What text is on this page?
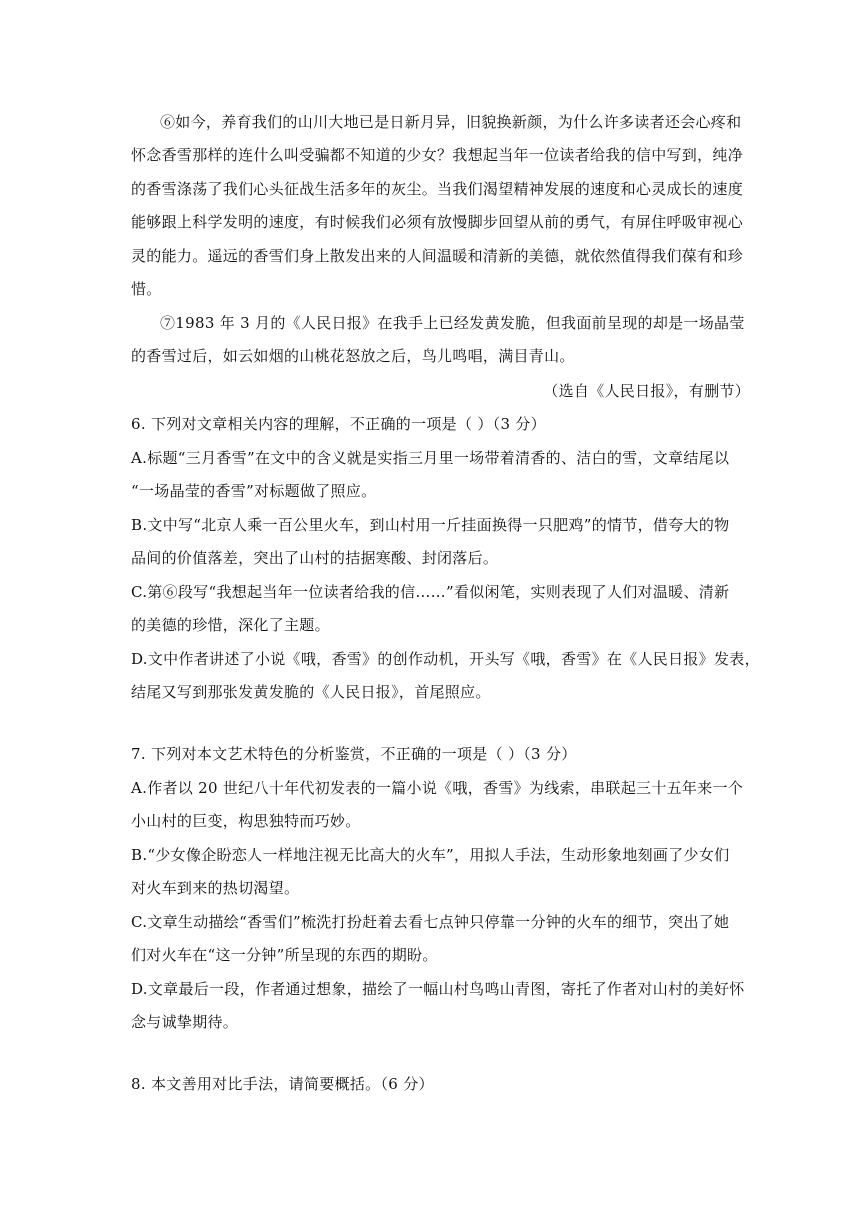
⑥如今，养育我们的山川大地已是日新月异，旧貌换新颜，为什么许多读者还会心疼和
怀念香雪那样的连什么叫受骗都不知道的少女？我想起当年一位读者给我的信中写到，纯净
的香雪涤荡了我们心头征战生活多年的灰尘。当我们渴望精神发展的速度和心灵成长的速度
能够跟上科学发明的速度，有时候我们必须有放慢脚步回望从前的勇气，有屏住呼吸审视心
灵的能力。遥远的香雪们身上散发出来的人间温暖和清新的美德，就依然值得我们葆有和珍
惜。
⑦1983 年 3 月的《人民日报》在我手上已经发黄发脆，但我面前呈现的却是一场晶莹
的香雪过后，如云如烟的山桃花怒放之后，鸟儿鸣唱，满目青山。
（选自《人民日报》，有删节）
6. 下列对文章相关内容的理解，不正确的一项是（ ）（3 分）
A.标题“三月香雪”在文中的含义就是实指三月里一场带着清香的、洁白的雪，文章结尾以
“一场晶莹的香雪”对标题做了照应。
B.文中写“北京人乘一百公里火车，到山村用一斤挂面换得一只肥鸡”的情节，借夸大的物
品间的价值落差，突出了山村的拮据寒酸、封闭落后。
C.第⑥段写“我想起当年一位读者给我的信……”看似闲笔，实则表现了人们对温暖、清新
的美德的珍惜，深化了主题。
D.文中作者讲述了小说《哦，香雪》的创作动机，开头写《哦，香雪》在《人民日报》发表，
结尾又写到那张发黄发脆的《人民日报》，首尾照应。
7. 下列对本文艺术特色的分析鉴赏，不正确的一项是（ ）（3 分）
A.作者以 20 世纪八十年代初发表的一篇小说《哦，香雪》为线索，串联起三十五年来一个
小山村的巨变，构思独特而巧妙。
B.“少女像企盼恋人一样地注视无比高大的火车”，用拟人手法，生动形象地刻画了少女们
对火车到来的热切渴望。
C.文章生动描绘“香雪们”梳洗打扮赶着去看七点钟只停靠一分钟的火车的细节，突出了她
们对火车在“这一分钟”所呈现的东西的期盼。
D.文章最后一段，作者通过想象，描绘了一幅山村鸟鸣山青图，寄托了作者对山村的美好怀
念与诚挚期待。
8. 本文善用对比手法，请简要概括。（6 分）
